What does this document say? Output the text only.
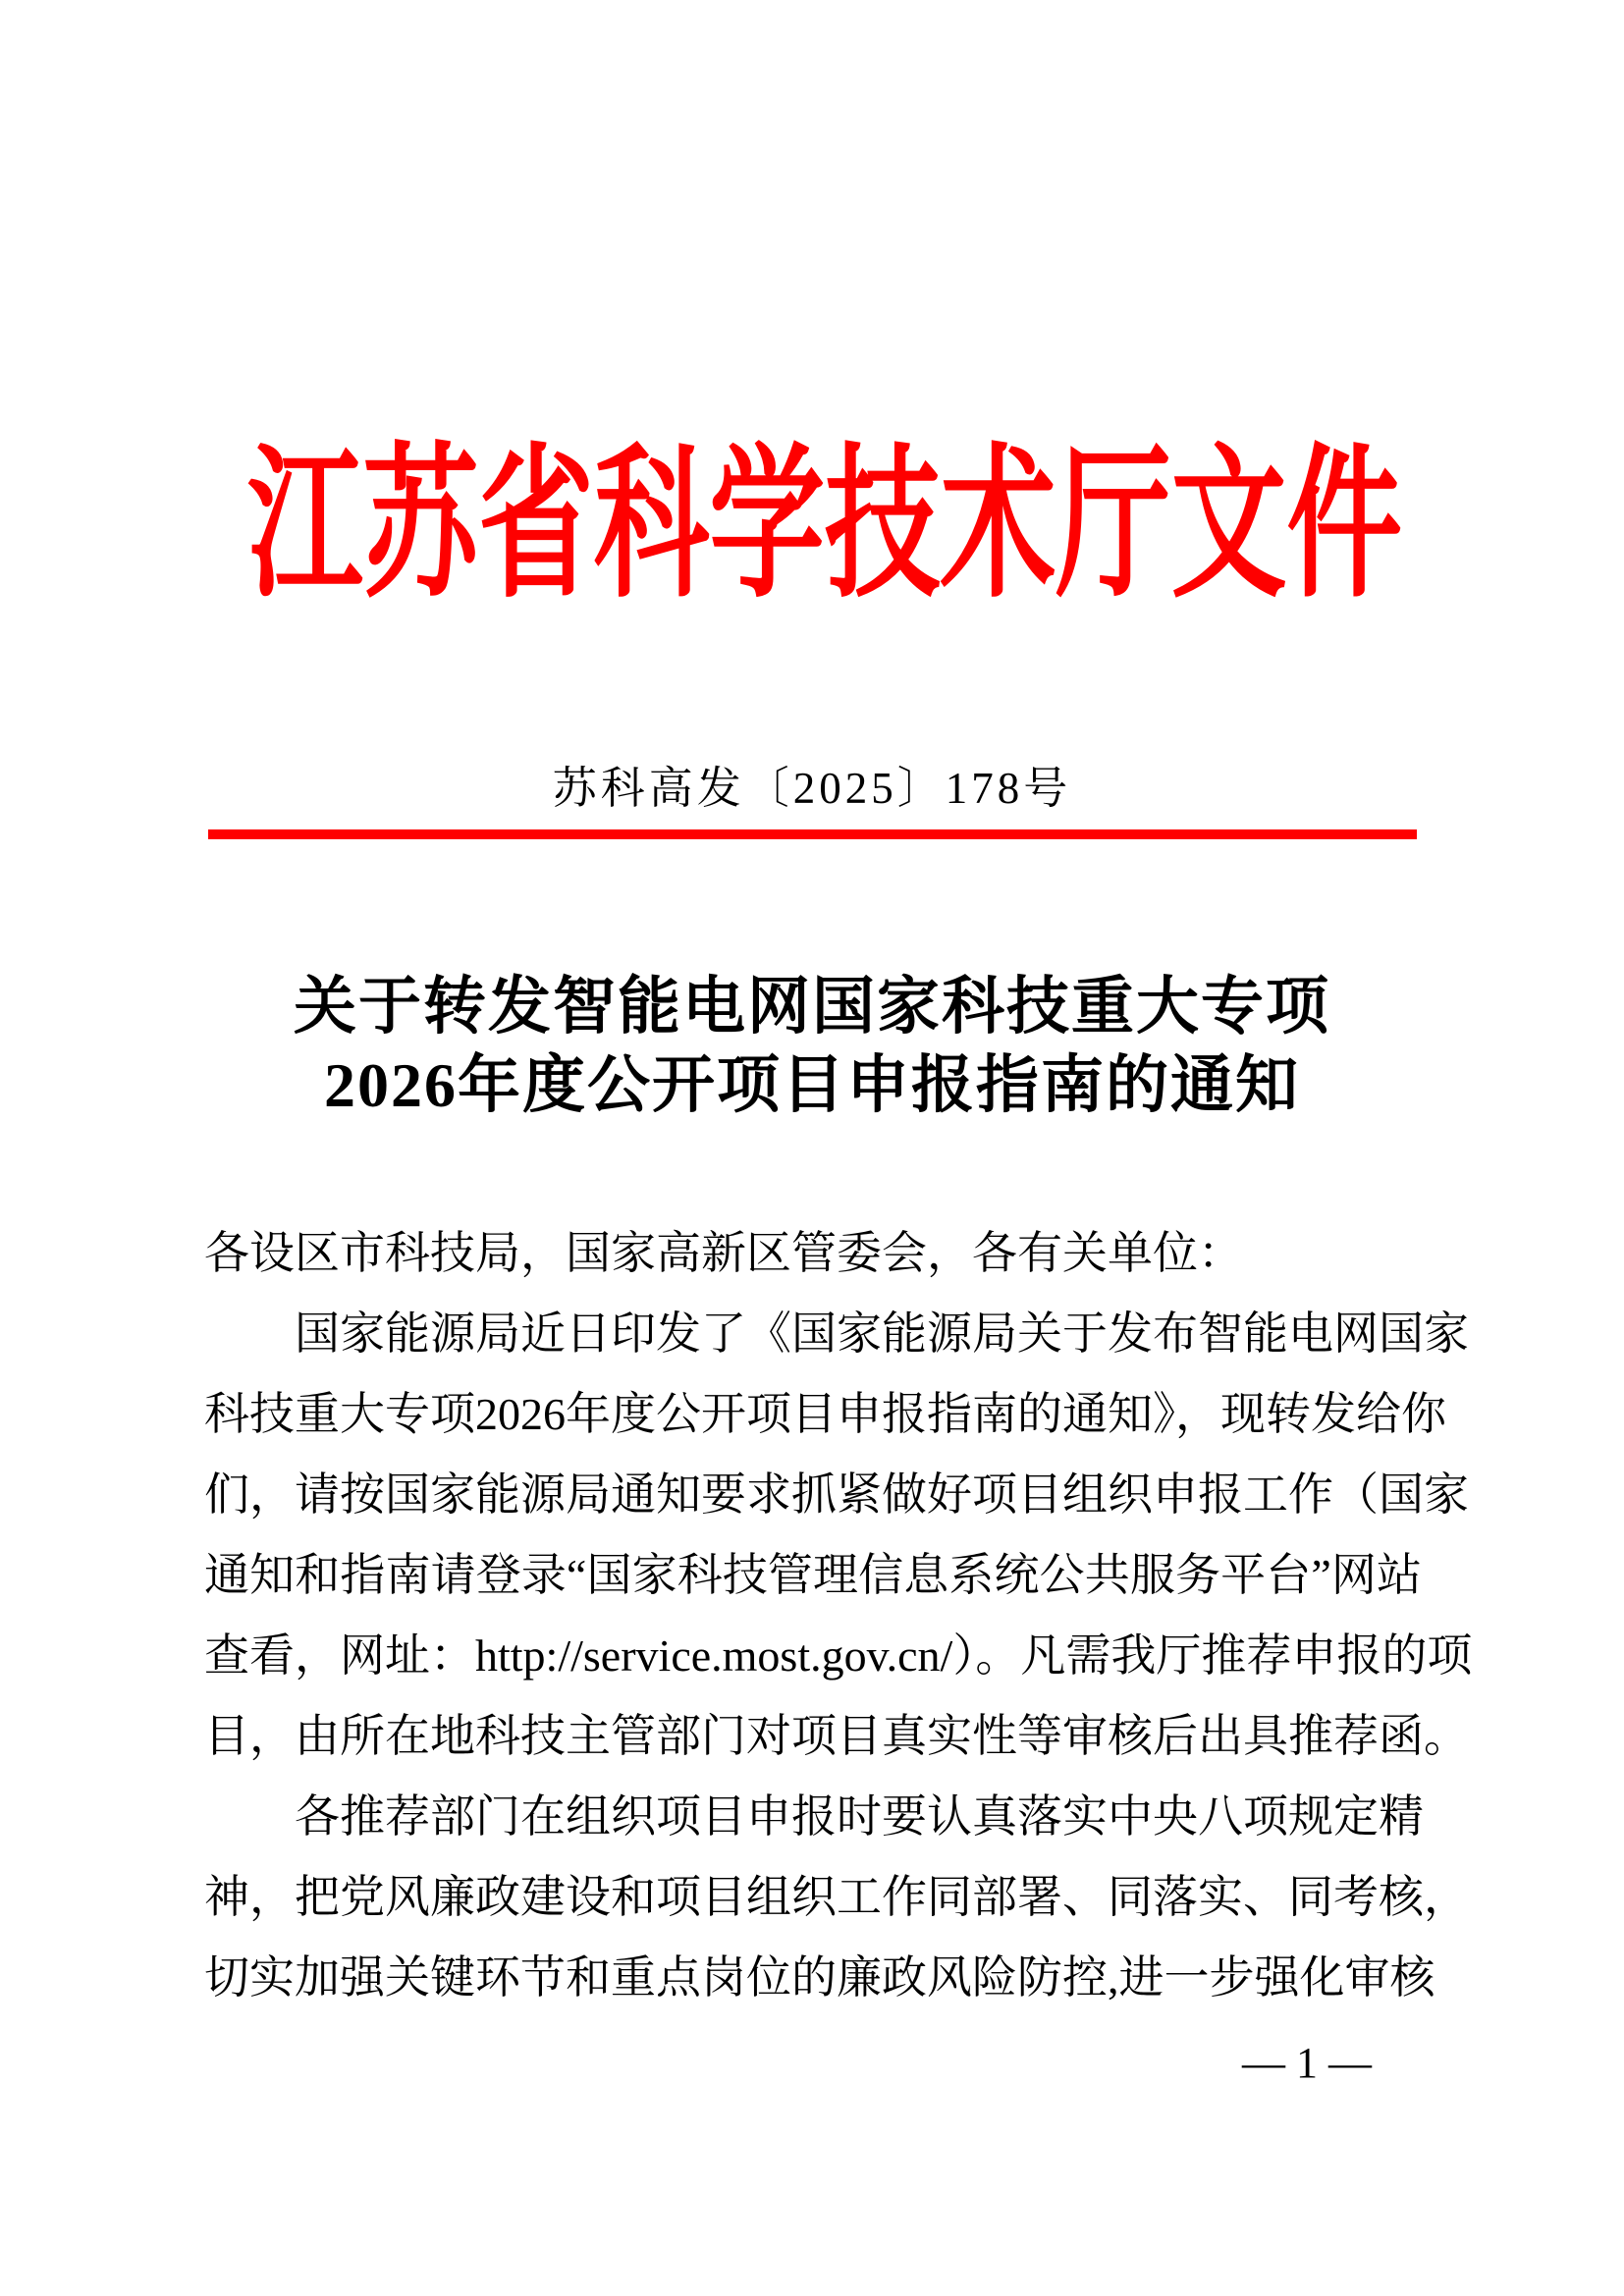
江苏省科学技术厅文件
苏科高发〔2025〕178号
关于转发智能电网国家科技重大专项
2026年度公开项目申报指南的通知
各设区市科技局，国家高新区管委会，各有关单位：
国家能源局近日印发了《国家能源局关于发布智能电网国家
科技重大专项2026年度公开项目申报指南的通知》，现转发给你
们，请按国家能源局通知要求抓紧做好项目组织申报工作（国家
通知和指南请登录“国家科技管理信息系统公共服务平台”网站
查看，网址：http://service.most.gov.cn/）。凡需我厅推荐申报的项
目，由所在地科技主管部门对项目真实性等审核后出具推荐函。
各推荐部门在组织项目申报时要认真落实中央八项规定精
神，把党风廉政建设和项目组织工作同部署、同落实、同考核，
切实加强关键环节和重点岗位的廉政风险防控,进一步强化审核
— 1 —
